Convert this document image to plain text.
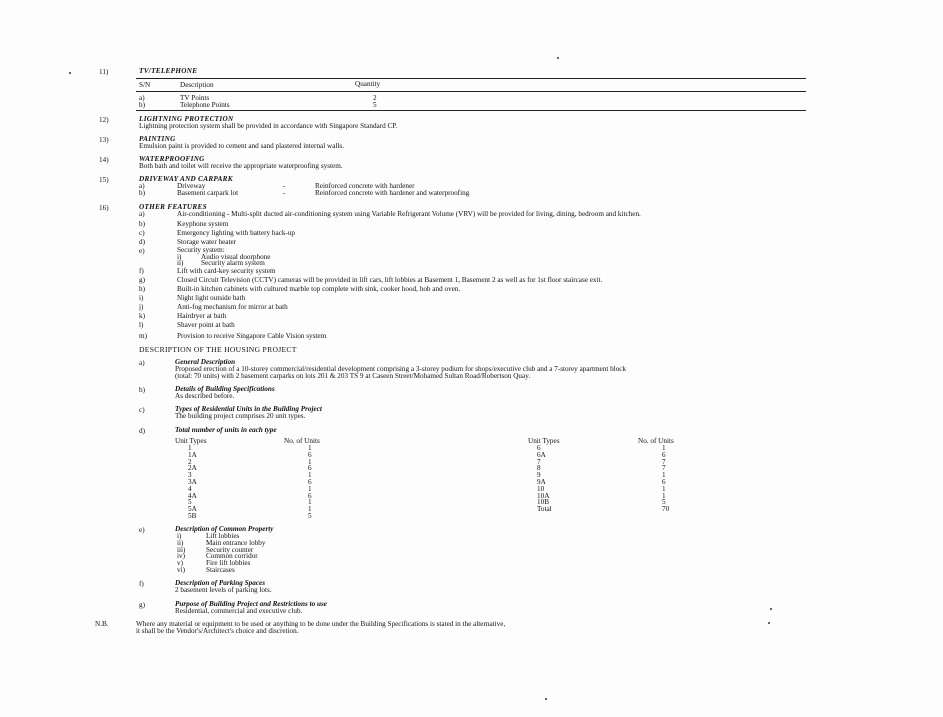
11)	TV/TELEPHONE
S/N	Description	Quantity
a)	TV Points	2
b)	Telephone Points	5
12)	LIGHTNING PROTECTION
Lightning protection system shall be provided in accordance with Singapore Standard CP.
13)	PAINTING
Emulsion paint is provided to cement and sand plastered internal walls.
14)	WATERPROOFING
Both bath and toilet will receive the appropriate waterproofing system.
15)	DRIVEWAY AND CARPARK
a)	Driveway	-	Reinforced concrete with hardener
b)	Basement carpark lot	-	Reinforced concrete with hardener and waterproofing
16)	OTHER FEATURES
a)	Air-conditioning - Multi-split ducted air-conditioning system using Variable Refrigerant Volume (VRV) will be provided for living, dining, bedroom and kitchen.
b)	Keyphone system
c)	Emergency lighting with battery back-up
d)	Storage water heater
e)	Security system:
i)	Audio visual doorphone
ii) Security alarm system
f)	Lift with card-key security system
g)	Closed Circuit Television (CCTV) cameras will be provided in lift cars, lift lobbies at Basement 1, Basement 2 as well as for 1st floor staircase exit.
h)	Built-in kitchen cabinets with cultured marble top complete with sink, cooker hood, hob and oven.
i)	Night light outside bath
j)	Anti-fog mechanism for mirror at bath
k)	Hairdryer at bath
l)	Shaver point at bath
m)	Provision to receive Singapore Cable Vision system
DESCRIPTION OF THE HOUSING PROJECT
a)	General Description
Proposed erection of a 10-storey commercial/residential development comprising a 3-storey podium for shops/executive club and a 7-storey apartment block
(total: 70 units) with 2 basement carparks on lots 201 & 203 TS 9 at Caseen Street/Mohamed Sultan Road/Robertson Quay.
b)	Details of Building Specifications
As described before.
c)	Types of Residential Units in the Building Project
The building project comprises 20 unit types.
d)	Total number of units in each type
Unit Types	No. of Units	Unit Types	No. of Units
1	1
1A	6
2	1
2A	6
3	1
3A	6
4	1
4A	6
5	1
5A	1
5B	5
6	1
6A	6
7	7
8	7
9	1
9A	6
10	1
10A	1
10B	5
Total	70
e)	Description of Common Property
i)	Lift lobbies
ii)	Main entrance lobby
iii)	Security counter
iv)	Common corridor
v)	Fire lift lobbies
vi)	Staircases
f)	Description of Parking Spaces
2 basement levels of parking lots.
g)	Purpose of Building Project and Restrictions to use
Residential, commercial and executive club.
N.B.	Where any material or equipment to be used or anything to be done under the Building Specifications is stated in the alternative,
it shall be the Vendor's/Architect's choice and discretion.
